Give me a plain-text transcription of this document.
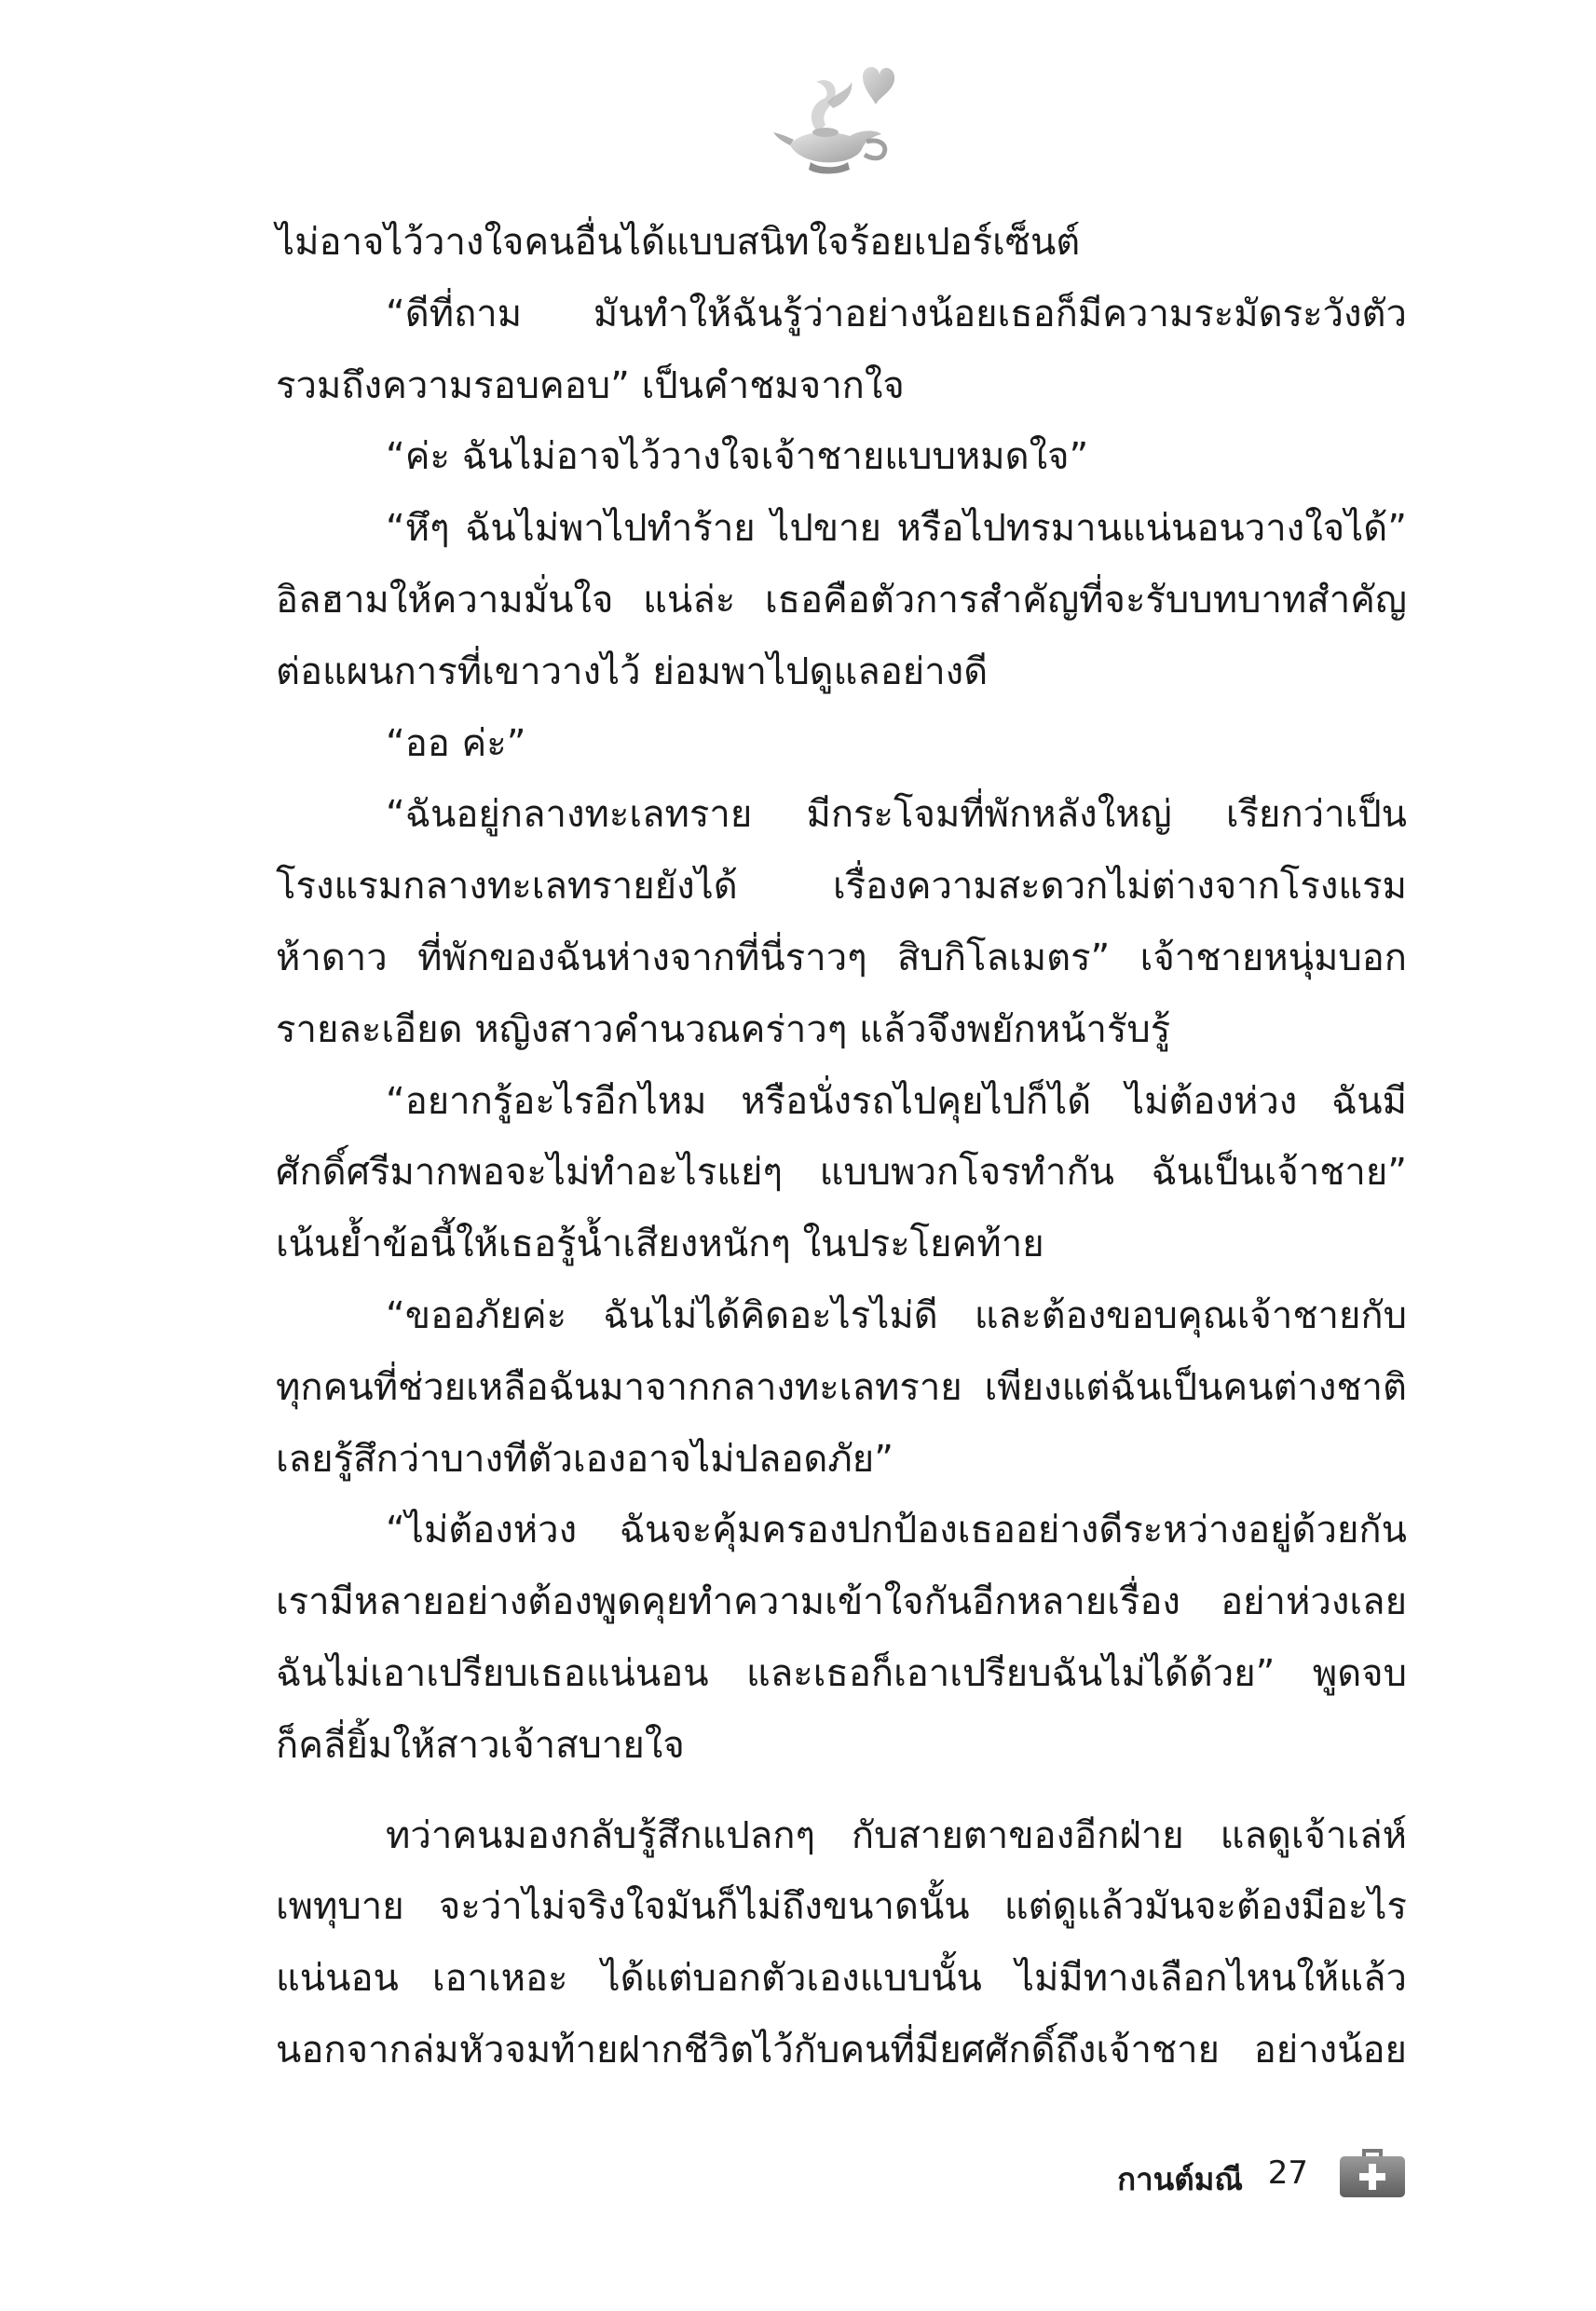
ไม่อาจไว้วางใจคนอื่นได้แบบสนิทใจร้อยเปอร์เซ็นต์
“ดีที่ถาม มันทำให้ฉันรู้ว่าอย่างน้อยเธอก็มีความระมัดระวังตัว
รวมถึงความรอบคอบ” เป็นคำชมจากใจ
“ค่ะ ฉันไม่อาจไว้วางใจเจ้าชายแบบหมดใจ”
“หึๆ ฉันไม่พาไปทำร้าย ไปขาย หรือไปทรมานแน่นอนวางใจได้”
อิลฮามให้ความมั่นใจ แน่ล่ะ เธอคือตัวการสำคัญที่จะรับบทบาทสำคัญ
ต่อแผนการที่เขาวางไว้ ย่อมพาไปดูแลอย่างดี
“ออ ค่ะ”
“ฉันอยู่กลางทะเลทราย มีกระโจมที่พักหลังใหญ่ เรียกว่าเป็น
โรงแรมกลางทะเลทรายยังได้ เรื่องความสะดวกไม่ต่างจากโรงแรม
ห้าดาว ที่พักของฉันห่างจากที่นี่ราวๆ สิบกิโลเมตร” เจ้าชายหนุ่มบอก
รายละเอียด หญิงสาวคำนวณคร่าวๆ แล้วจึงพยักหน้ารับรู้
“อยากรู้อะไรอีกไหม หรือนั่งรถไปคุยไปก็ได้ ไม่ต้องห่วง ฉันมี
ศักดิ์ศรีมากพอจะไม่ทำอะไรแย่ๆ แบบพวกโจรทำกัน ฉันเป็นเจ้าชาย”
เน้นย้ำข้อนี้ให้เธอรู้น้ำเสียงหนักๆ ในประโยคท้าย
“ขออภัยค่ะ ฉันไม่ได้คิดอะไรไม่ดี และต้องขอบคุณเจ้าชายกับ
ทุกคนที่ช่วยเหลือฉันมาจากกลางทะเลทราย เพียงแต่ฉันเป็นคนต่างชาติ
เลยรู้สึกว่าบางทีตัวเองอาจไม่ปลอดภัย”
“ไม่ต้องห่วง ฉันจะคุ้มครองปกป้องเธออย่างดีระหว่างอยู่ด้วยกัน
เรามีหลายอย่างต้องพูดคุยทำความเข้าใจกันอีกหลายเรื่อง อย่าห่วงเลย
ฉันไม่เอาเปรียบเธอแน่นอน และเธอก็เอาเปรียบฉันไม่ได้ด้วย” พูดจบ
ก็คลี่ยิ้มให้สาวเจ้าสบายใจ
ทว่าคนมองกลับรู้สึกแปลกๆ กับสายตาของอีกฝ่าย แลดูเจ้าเล่ห์
เพทุบาย จะว่าไม่จริงใจมันก็ไม่ถึงขนาดนั้น แต่ดูแล้วมันจะต้องมีอะไร
แน่นอน เอาเหอะ ได้แต่บอกตัวเองแบบนั้น ไม่มีทางเลือกไหนให้แล้ว
นอกจากล่มหัวจมท้ายฝากชีวิตไว้กับคนที่มียศศักดิ์ถึงเจ้าชาย อย่างน้อย
กานต์มณี 27
